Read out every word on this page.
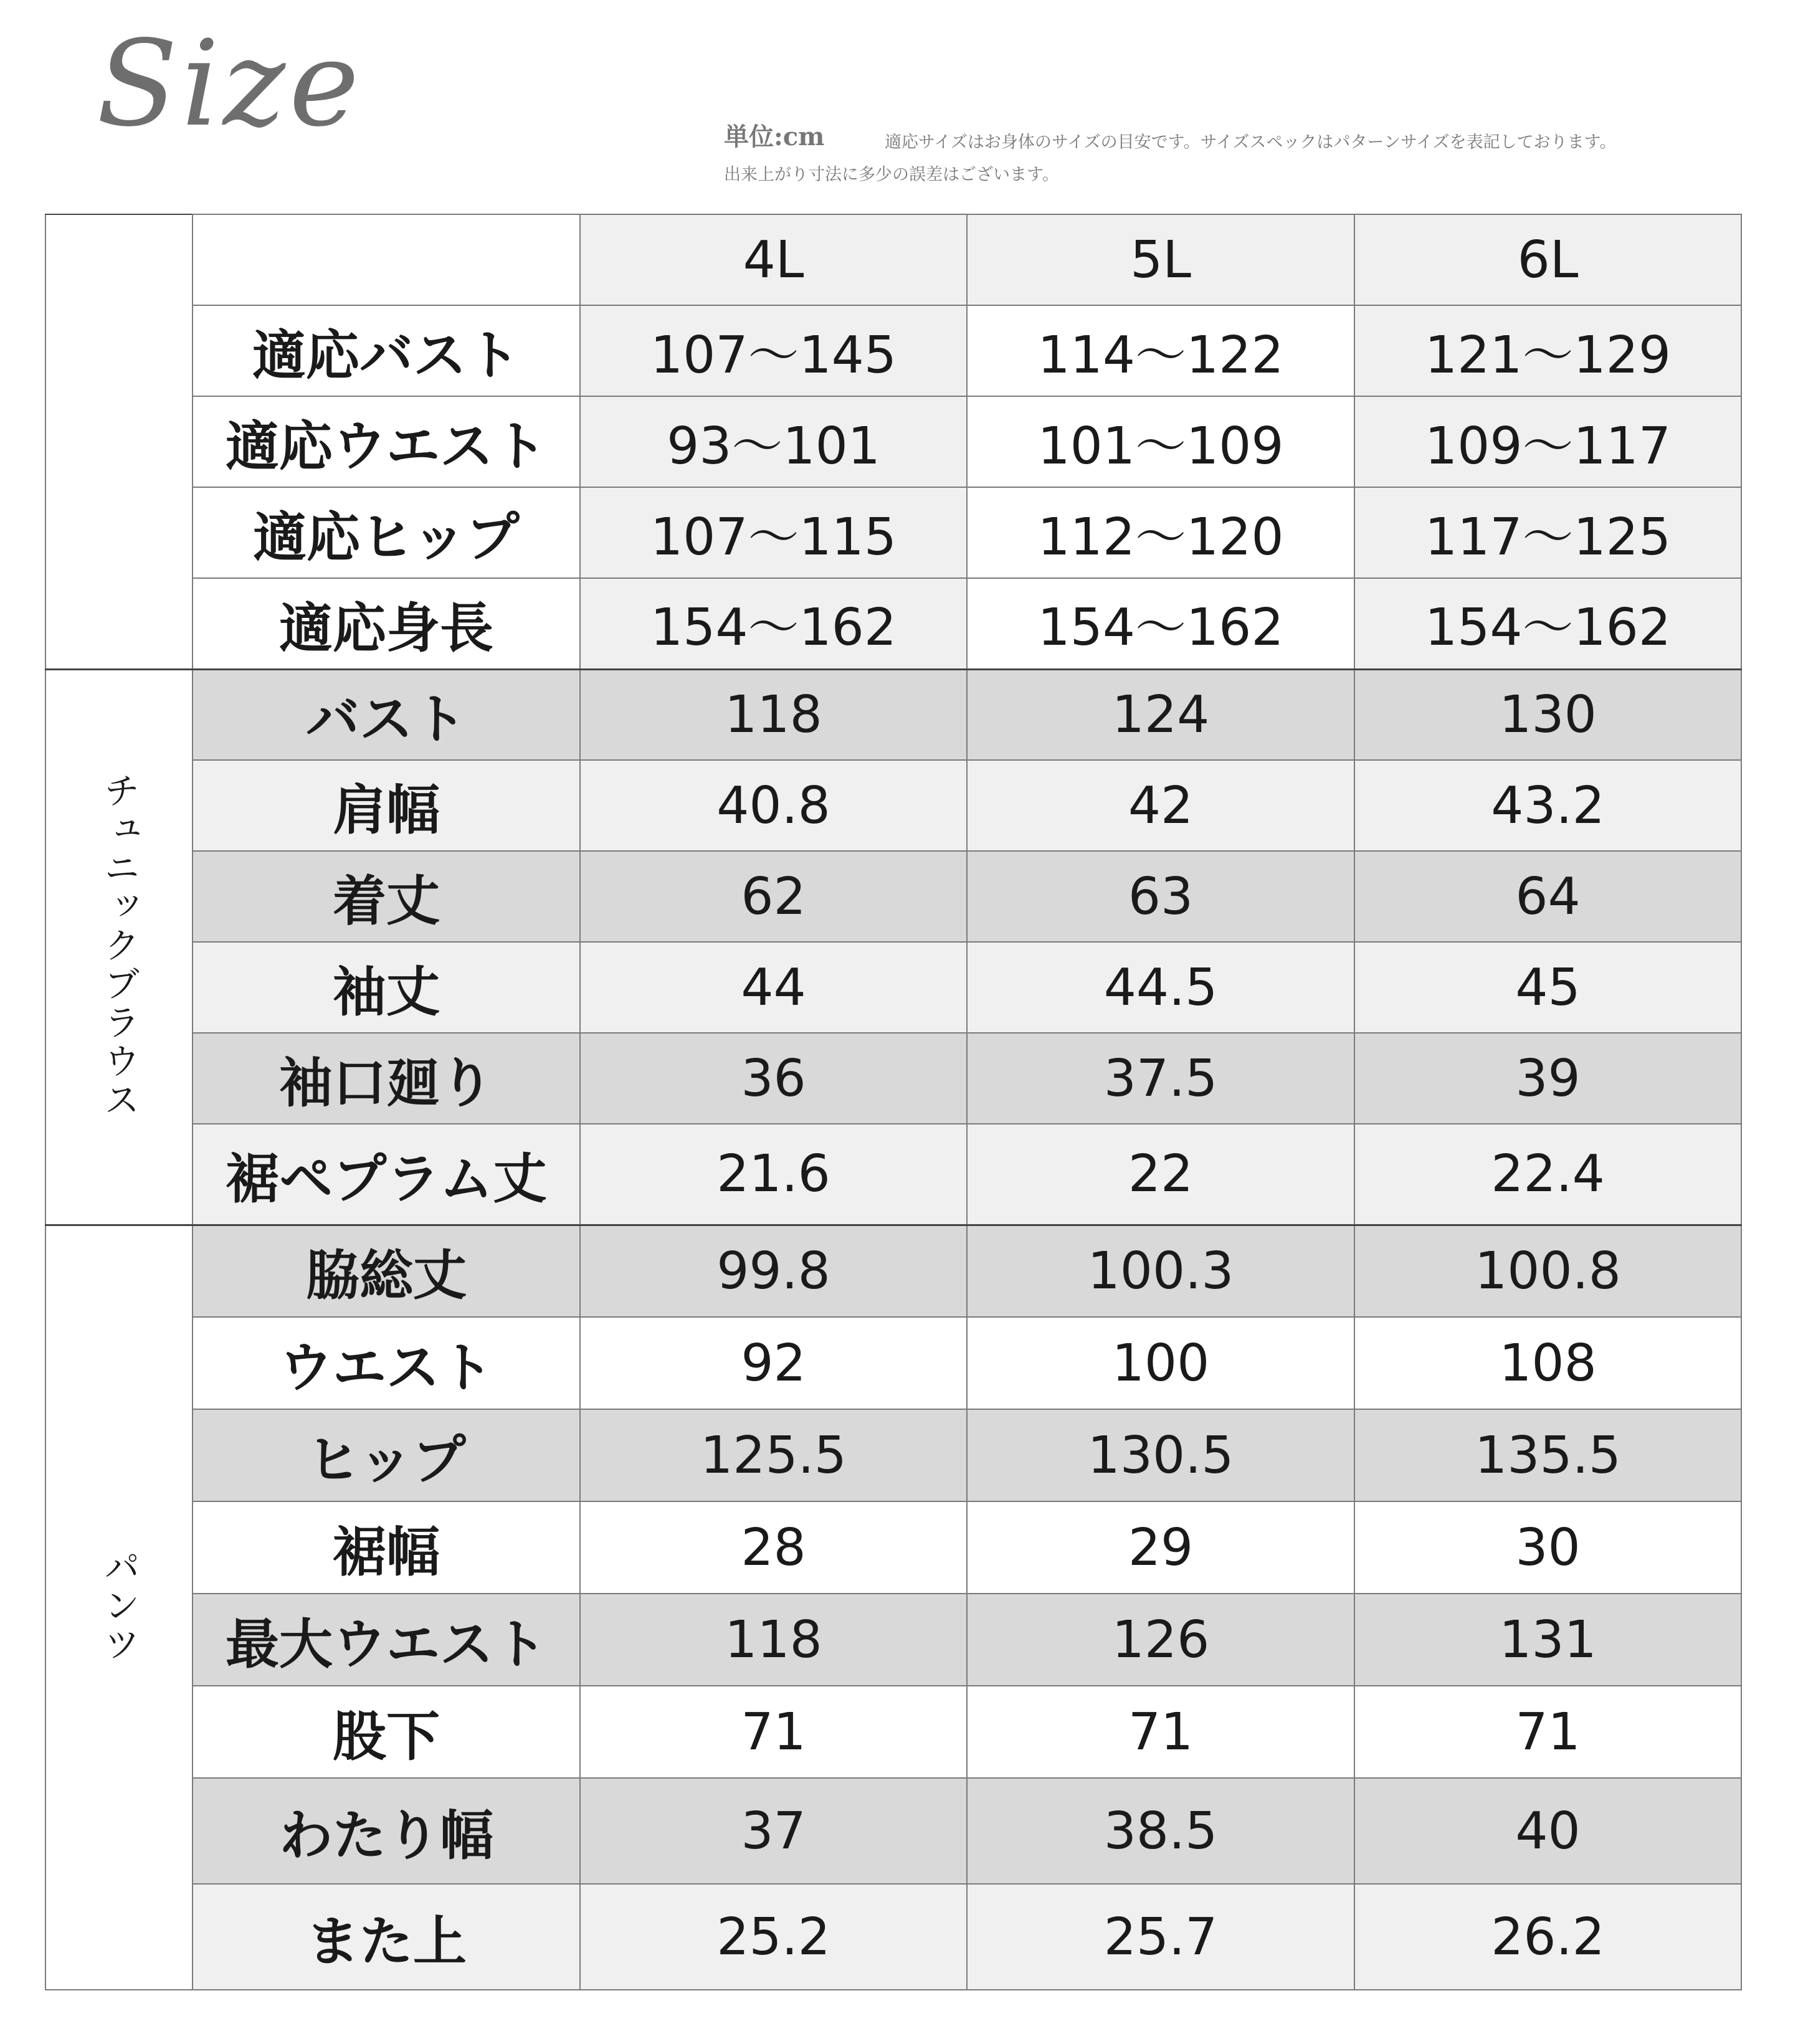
Size	単位:cm	適応サイズはお身体のサイズの目安です。サイズスペックはパターンサイズを表記しております。
出来上がり寸法に多少の誤差はございます。
		4L	5L	6L
	適応バスト	107～145	114～122	121～129
	適応ウエスト	93～101	101～109	109～117
	適応ヒップ	107～115	112～120	117～125
	適応身長	154～162	154～162	154～162
チュニックブラウス	バスト	118	124	130
	肩幅	40.8	42	43.2
	着丈	62	63	64
	袖丈	44	44.5	45
	袖口廻り	36	37.5	39
	裾ペプラム丈	21.6	22	22.4
パンツ	脇総丈	99.8	100.3	100.8
	ウエスト	92	100	108
	ヒップ	125.5	130.5	135.5
	裾幅	28	29	30
	最大ウエスト	118	126	131
	股下	71	71	71
	わたり幅	37	38.5	40
	また上	25.2	25.7	26.2
